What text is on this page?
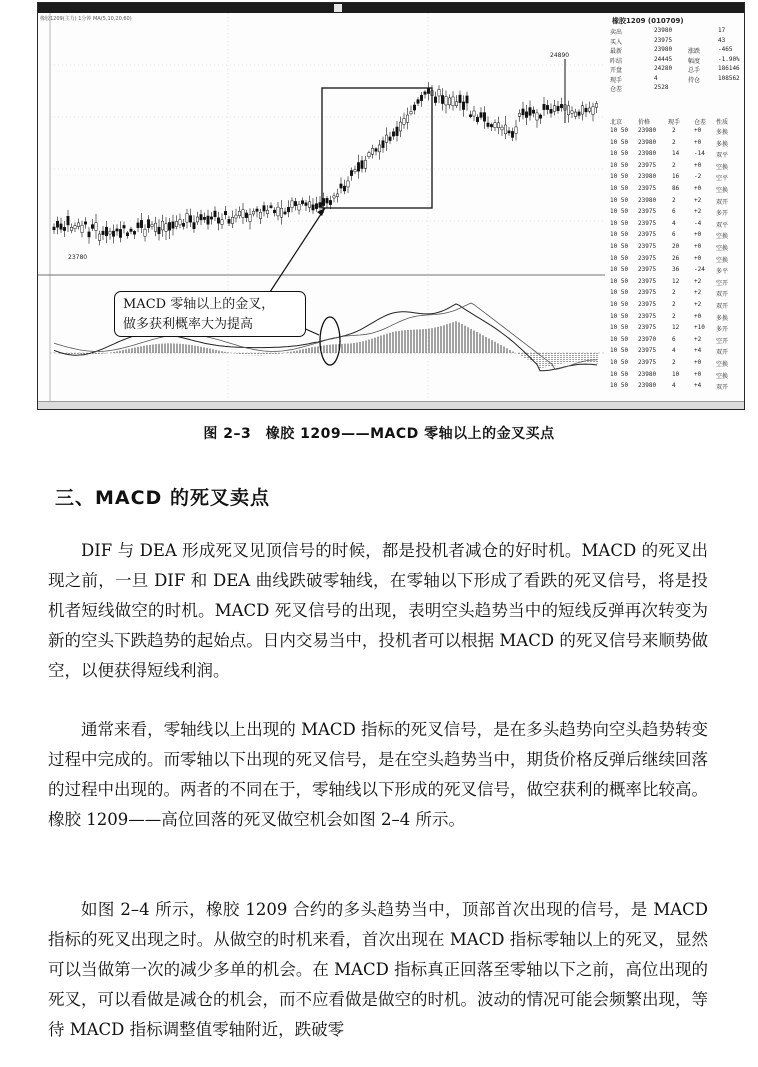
23780
24890
橡胶1209(主力) 1分钟 MA(5,10,20,60)	橡胶1209 (010709)
卖出	23980	17
买入	23975	43
最新	23980	涨跌	-465
昨结	24445	幅度	-1.90%
开盘	24280	总手	186146
现手	4	持仓	108562
仓差	2528
北京	价格	现手 仓差 性质
10 50 23980	2	+0 多换
10 50 23980	2	+0 多换
10 50 23980	14 -14 双平
10 50 23975	2	+0 空换
10 50 23980	16 -2 空平
10 50 23975	86 +0 空换
10 50 23980	2	+2 双开
10 50 23975	6	+2 多开
10 50 23975	4	-4 双平
10 50 23975	6	+0 空换
10 50 23975	20 +0 空换
10 50 23975	26 +0 空换
10 50 23975	36 -24 多平
10 50 23975	12 +2 空开
10 50 23975	2	+2 双开
10 50 23975	2	+2 双开
10 50 23975	2	+0 多换
10 50 23975	12 +10 多开
10 50 23970	6	+2 空开
10 50 23975	4	+4 双开
10 50 23975	2	+0 空换
10 50 23980	10 +0 空换
10 50 23980	4	+4 双开
MACD 零轴以上的金叉，
做多获利概率大为提高
图 2–3　橡胶 1209——MACD 零轴以上的金叉买点
三、MACD 的死叉卖点

DIF 与 DEA 形成死叉见顶信号的时候，都是投机者减仓的好时机。MACD 的死叉出现之前，一旦 DIF 和 DEA 曲线跌破零轴线，在零轴以下形成了看跌的死叉信号，将是投机者短线做空的时机。MACD 死叉信号的出现，表明空头趋势当中的短线反弹再次转变为新的空头下跌趋势的起始点。日内交易当中，投机者可以根据 MACD 的死叉信号来顺势做空，以便获得短线利润。

通常来看，零轴线以上出现的 MACD 指标的死叉信号，是在多头趋势向空头趋势转变过程中完成的。而零轴以下出现的死叉信号，是在空头趋势当中，期货价格反弹后继续回落的过程中出现的。两者的不同在于，零轴线以下形成的死叉信号，做空获利的概率比较高。橡胶 1209——高位回落的死叉做空机会如图 2–4 所示。

如图 2–4 所示，橡胶 1209 合约的多头趋势当中，顶部首次出现的信号，是 MACD 指标的死叉出现之时。从做空的时机来看，首次出现在 MACD 指标零轴以上的死叉，显然可以当做第一次的减少多单的机会。在 MACD 指标真正回落至零轴以下之前，高位出现的死叉，可以看做是减仓的机会，而不应看做是做空的时机。波动的情况可能会频繁出现，等待 MACD 指标调整值零轴附近，跌破零
